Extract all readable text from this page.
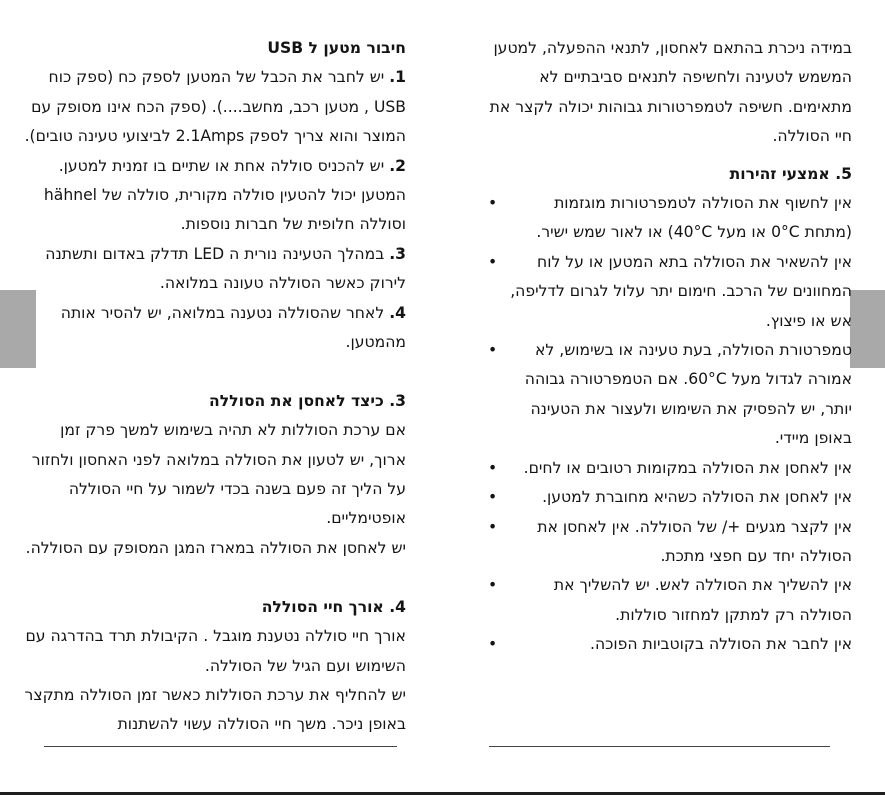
חיבור מטען ל USB

1. יש לחבר את הכבל של המטען לספק כח (ספק כוח USB , מטען רכב, מחשב....). (ספק הכח אינו מסופק עם המוצר והוא צריך לספק 2.1Amps לביצועי טעינה טובים).

2. יש להכניס סוללה אחת או שתיים בו זמנית למטען. המטען יכול להטעין סוללה מקורית, סוללה של hähnel וסוללה חלופית של חברות נוספות.

3. במהלך הטעינה נורית ה LED תדלק באדום ותשתנה לירוק כאשר הסוללה טעונה במלואה.

4. לאחר שהסוללה נטענה במלואה, יש להסיר אותה מהמטען.

3. כיצד לאחסן את הסוללה

אם ערכת הסוללות לא תהיה בשימוש למשך פרק זמן ארוך, יש לטעון את הסוללה במלואה לפני האחסון ולחזור על הליך זה פעם בשנה בכדי לשמור על חיי הסוללה אופטימליים.

יש לאחסן את הסוללה במארז המגן המסופק עם הסוללה.

4. אורך חיי הסוללה

אורך חיי סוללה נטענת מוגבל . הקיבולת תרד בהדרגה עם השימוש ועם הגיל של הסוללה.

יש להחליף את ערכת הסוללות כאשר זמן הסוללה מתקצר באופן ניכר. משך חיי הסוללה עשוי להשתנות

במידה ניכרת בהתאם לאחסון, לתנאי ההפעלה, למטען המשמש לטעינה ולחשיפה לתנאים סביבתיים לא מתאימים. חשיפה לטמפרטורות גבוהות יכולה לקצר את חיי הסוללה.

5. אמצעי זהירות
• אין לחשוף את הסוללה לטמפרטורות מוגזמות (מתחת 0°C או מעל 40°C) או לאור שמש ישיר.
• אין להשאיר את הסוללה בתא המטען או על לוח המחוונים של הרכב. חימום יתר עלול לגרום לדליפה, אש או פיצוץ.
• טמפרטורת הסוללה, בעת טעינה או בשימוש, לא אמורה לגדול מעל 60°C. אם הטמפרטורה גבוהה יותר, יש להפסיק את השימוש ולעצור את הטעינה באופן מיידי.
• אין לאחסן את הסוללה במקומות רטובים או לחים.
• אין לאחסן את הסוללה כשהיא מחוברת למטען.
• אין לקצר מגעים +/ של הסוללה. אין לאחסן את הסוללה יחד עם חפצי מתכת.
• אין להשליך את הסוללה לאש. יש להשליך את הסוללה רק למתקן למחזור סוללות.
• אין לחבר את הסוללה בקוטביות הפוכה.
